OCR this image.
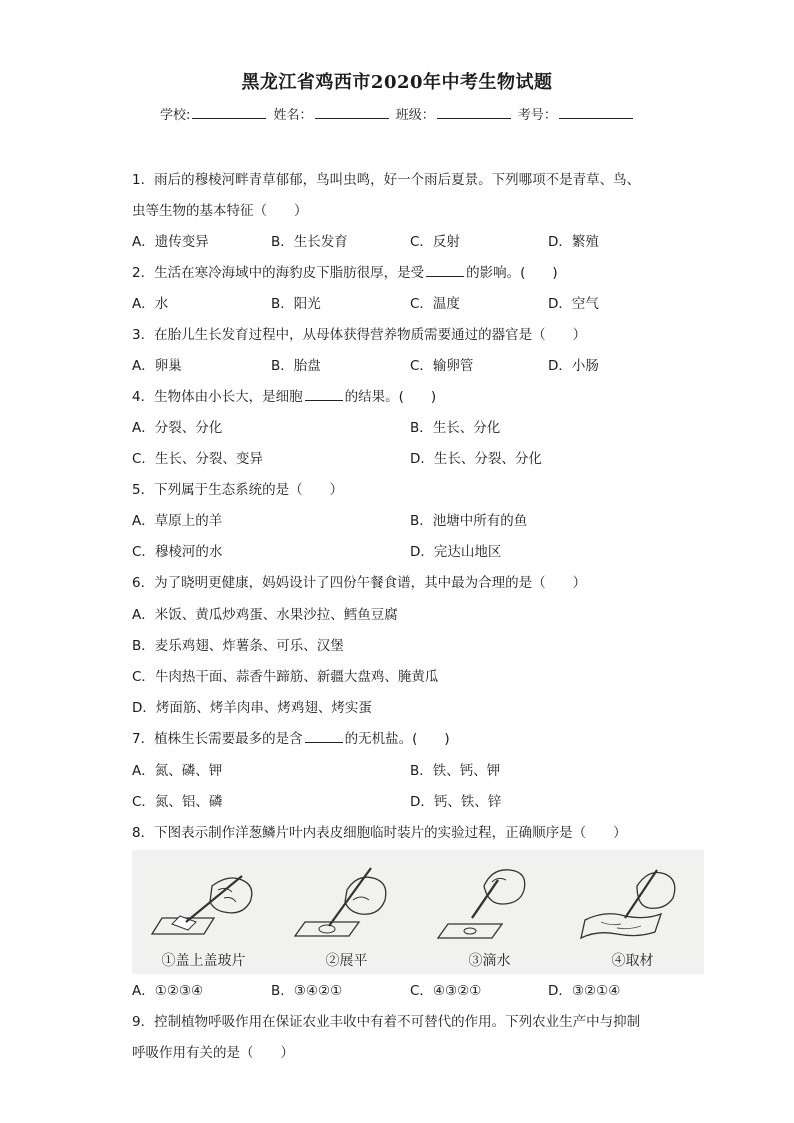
黑龙江省鸡西市2020年中考生物试题
学校:	姓名：	班级：	考号：
1．雨后的穆棱河畔青草郁郁，鸟叫虫鸣，好一个雨后夏景。下列哪项不是青草、鸟、
虫等生物的基本特征（　　）
A．遗传变异	B．生长发育	C．反射	D．繁殖
2．生活在寒冷海域中的海豹皮下脂肪很厚，是受	的影响。(　　)
A．水	B．阳光	C．温度	D．空气
3．在胎儿生长发育过程中，从母体获得营养物质需要通过的器官是（　　）
A．卵巢	B．胎盘	C．输卵管	D．小肠
4．生物体由小长大，是细胞	的结果。(　　)
A．分裂、分化	B．生长、分化
C．生长、分裂、变异	D．生长、分裂、分化
5．下列属于生态系统的是（　　）
A．草原上的羊	B．池塘中所有的鱼
C．穆棱河的水	D．完达山地区
6．为了晓明更健康，妈妈设计了四份午餐食谱，其中最为合理的是（　　）
A．米饭、黄瓜炒鸡蛋、水果沙拉、鳕鱼豆腐
B．麦乐鸡翅、炸薯条、可乐、汉堡
C．牛肉热干面、蒜香牛蹄筋、新疆大盘鸡、腌黄瓜
D．烤面筋、烤羊肉串、烤鸡翅、烤实蛋
7．植株生长需要最多的是含	的无机盐。(　　)
A．氮、磷、钾	B．铁、钙、钾
C．氮、铝、磷	D．钙、铁、锌
8．下图表示制作洋葱鳞片叶内表皮细胞临时装片的实验过程，正确顺序是（　　）
①盖上盖玻片	②展平	③滴水	④取材
A．①②③④	B．③④②①	C．④③②①	D．③②①④
9．控制植物呼吸作用在保证农业丰收中有着不可替代的作用。下列农业生产中与抑制
呼吸作用有关的是（　　）
